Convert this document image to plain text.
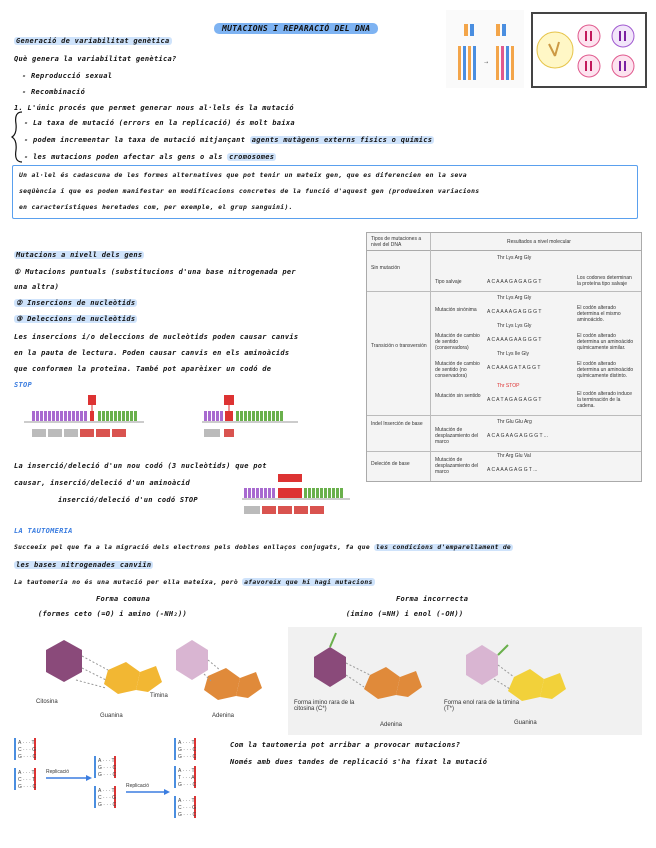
MUTACIONS I REPARACIÓ DEL DNA
→
Generació de variabilitat genètica
Què genera la variabilitat genètica?
- Reproducció sexual
- Recombinació
1. L'únic procés que permet generar nous al·lels és la mutació
- La taxa de mutació (errors en la replicació) és molt baixa
- podem incrementar la taxa de mutació mitjançant agents mutàgens externs físics o químics
- les mutacions poden afectar als gens o als cromosomes
Un al·lel és cadascuna de les formes alternatives que pot tenir un mateix gen, que es diferencien en la seva
seqüència i que es poden manifestar en modificacions concretes de la funció d'aquest gen (produeixen variacions
en característiques heretades com, per exemple, el grup sanguini).
Mutacions a nivell dels gens
① Mutacions puntuals (substitucions d'una base nitrogenada per
una altra)
② Insercions de nucleòtids
③ Deleccions de nucleòtids
Les insercions i/o deleccions de nucleòtids poden causar canvis
en la pauta de lectura. Poden causar canvis en els aminoàcids
que conformen la proteïna. També pot aparèixer un codó de
STOP
La inserció/deleció d'un nou codó (3 nucleòtids) que pot
causar, inserció/deleció d'un aminoàcid
inserció/deleció d'un codó STOP
Tipos de mutaciones a nivel del DNA	Resultados a nivel molecular
Sin mutación
Tipo salvaje
Thr Lys Arg Gly
A C A A A G A G A G G T
Los codones determinan la proteína tipo salvaje
Transición o transversión
Mutación sinónima
Thr Lys Arg Gly
A C A A A A G A G G G T
El codón alterado determina el mismo aminoácido.
Mutación de cambio de sentido (conservadora)
Thr Lys Lys Gly
A C A A A G A A G G G T
El codón alterado determina un aminoácido químicamente similar.
Mutación de cambio de sentido (no conservadora)
Thr Lys Ile Gly
A C A A A G A T A G G T
El codón alterado determina un aminoácido químicamente distinto.
Mutación sin sentido
Thr STOP
A C A T A G A G A G G T
El codón alterado induce la terminación de la cadena.
Indel Inserción de base
Mutación de desplazamiento del marco
Thr Glu Glu Arg
A C A G A A G A G G G T ...
Deleción de base
Mutación de desplazamiento del marco
Thr Arg Glu Val
A C A A A G A G G T ...
LA TAUTOMERIA
Succeeix pel que fa a la migració dels electrons pels dobles enllaços conjugats, fa que les condicions d'emparellament de
les bases nitrogenades canviïn
La tautomeria no és una mutació per ella mateixa, però afavoreix que hi hagi mutacions
Forma comuna
(formes ceto (=O) i amino (-NH₂))
Forma incorrecta
(imino (=NH) i enol (-OH))
Citosina
Guanina
Timina
Adenina
Forma imino rara de la citosina (C*)
Adenina
Forma enol rara de la timina (T*)
Guanina
A · · · T
C · · · G
G · · · C
A · · · T
C · · · T
G · · · C
A · · · T
G · · · C
G · · · C
A · · · T
C · · · G
G · · · C
A · · · T
G · · · C
G · · · C
A · · · T
T · · · A
G · · · C
A · · · T
C · · · G
G · · · C
Replicació
Replicació
Com la tautomeria pot arribar a provocar mutacions?
Només amb dues tandes de replicació s'ha fixat la mutació
